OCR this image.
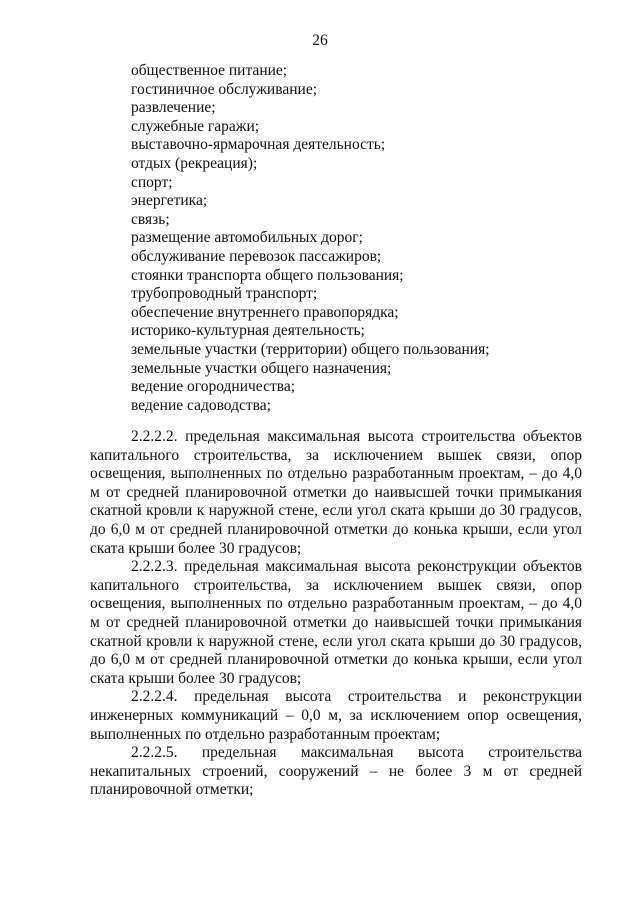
26
общественное питание;
гостиничное обслуживание;
развлечение;
служебные гаражи;
выставочно-ярмарочная деятельность;
отдых (рекреация);
спорт;
энергетика;
связь;
размещение автомобильных дорог;
обслуживание перевозок пассажиров;
стоянки транспорта общего пользования;
трубопроводный транспорт;
обеспечение внутреннего правопорядка;
историко-культурная деятельность;
земельные участки (территории) общего пользования;
земельные участки общего назначения;
ведение огородничества;
ведение садоводства;

2.2.2.2. предельная максимальная высота строительства объектов капитального строительства, за исключением вышек связи, опор освещения, выполненных по отдельно разработанным проектам, – до 4,0 м от средней планировочной отметки до наивысшей точки примыкания скатной кровли к наружной стене, если угол ската крыши до 30 градусов, до 6,0 м от средней планировочной отметки до конька крыши, если угол ската крыши более 30 градусов;

2.2.2.3. предельная максимальная высота реконструкции объектов капитального строительства, за исключением вышек связи, опор освещения, выполненных по отдельно разработанным проектам, – до 4,0 м от средней планировочной отметки до наивысшей точки примыкания скатной кровли к наружной стене, если угол ската крыши до 30 градусов, до 6,0 м от средней планировочной отметки до конька крыши, если угол ската крыши более 30 градусов;

2.2.2.4. предельная высота строительства и реконструкции инженерных коммуникаций – 0,0 м, за исключением опор освещения, выполненных по отдельно разработанным проектам;

2.2.2.5. предельная максимальная высота строительства некапитальных строений, сооружений – не более 3 м от средней планировочной отметки;
